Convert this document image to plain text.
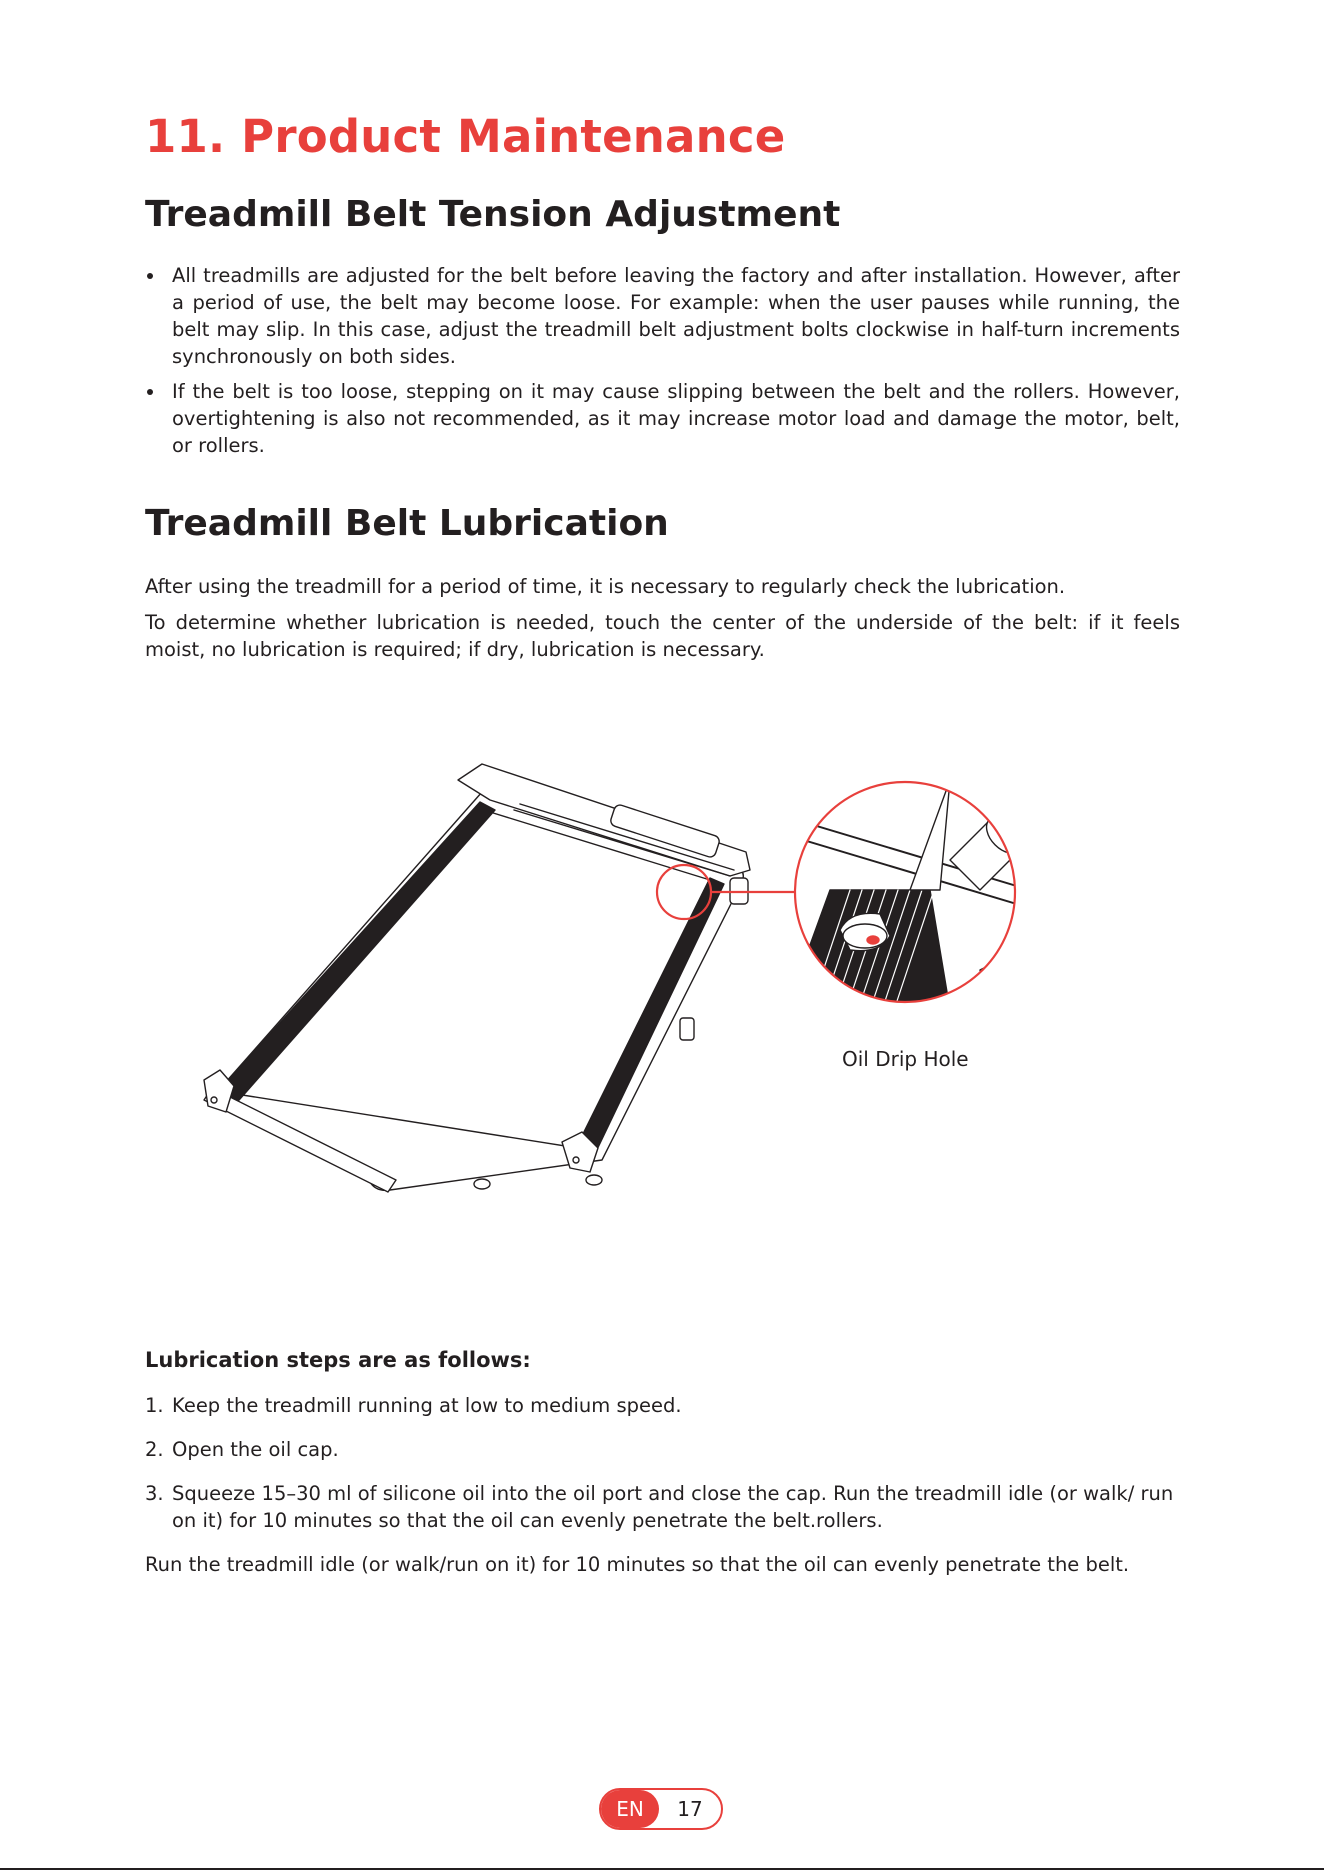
11. Product Maintenance
Treadmill Belt Tension Adjustment
All treadmills are adjusted for the belt before leaving the factory and after installation. However, after a period of use, the belt may become loose. For example: when the user pauses while running, the belt may slip. In this case, adjust the treadmill belt adjustment bolts clockwise in half-turn increments synchronously on both sides.
If the belt is too loose, stepping on it may cause slipping between the belt and the rollers. However, overtightening is also not recommended, as it may increase motor load and damage the motor, belt, or rollers.
Treadmill Belt Lubrication

After using the treadmill for a period of time, it is necessary to regularly check the lubrication.

To determine whether lubrication is needed, touch the center of the underside of the belt: if it feels moist, no lubrication is required; if dry, lubrication is necessary.

Oil Drip Hole
Lubrication steps are as follows:
1. Keep the treadmill running at low to medium speed.
2. Open the oil cap.
3. Squeeze 15–30 ml of silicone oil into the oil port and close the cap. Run the treadmill idle (or walk/ run on it) for 10 minutes so that the oil can evenly penetrate the belt.rollers.

Run the treadmill idle (or walk/run on it) for 10 minutes so that the oil can evenly penetrate the belt.

EN	17
